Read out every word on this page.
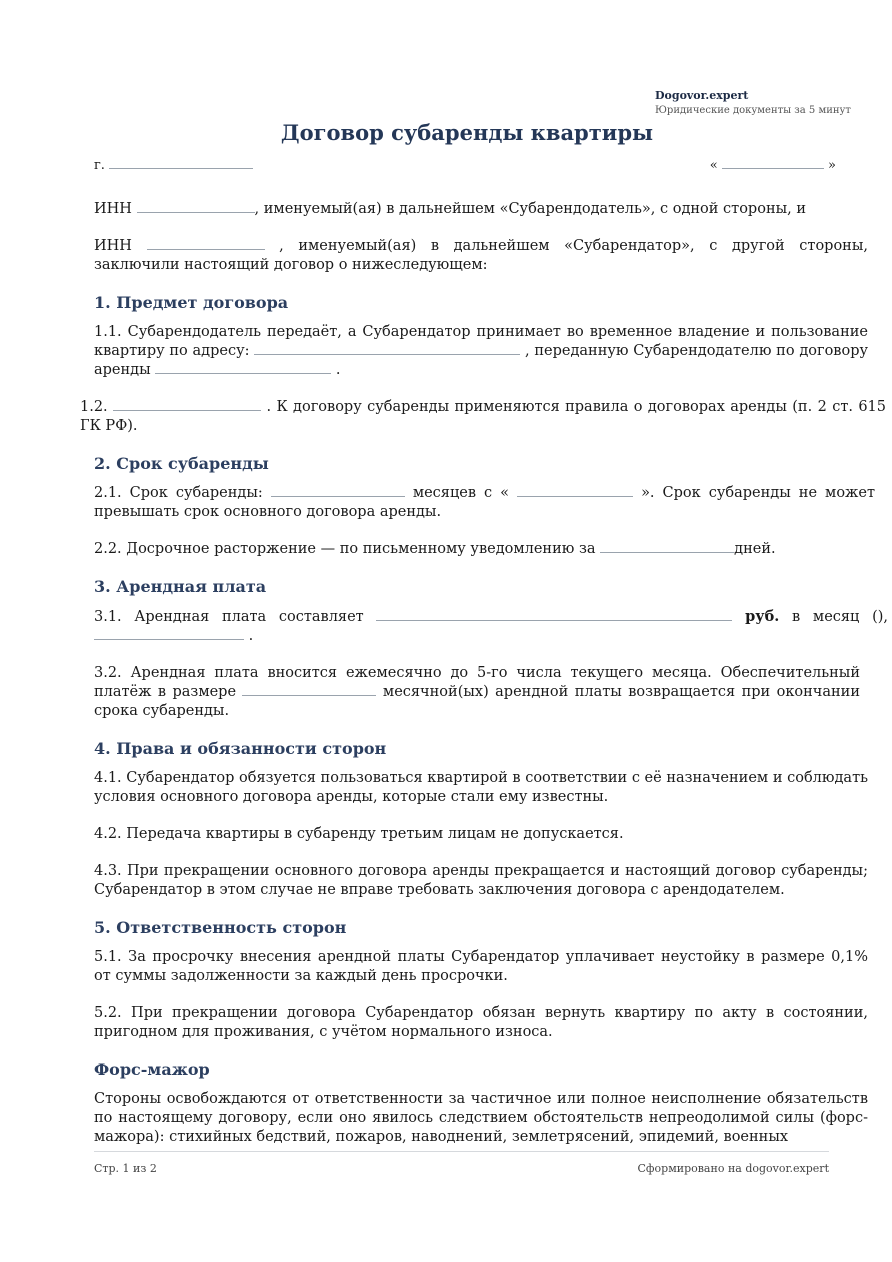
Dogovor.expert
Юридические документы за 5 минут
Договор субаренды квартиры
г.	«	»

ИНН	, именуемый(ая) в дальнейшем «Субарендодатель», с одной стороны, и

ИНН	, именуемый(ая) в дальнейшем «Субарендатор», с другой стороны, заключили настоящий договор о нижеследующем:

1. Предмет договора

1.1. Субарендодатель передаёт, а Субарендатор принимает во временное владение и пользование квартиру по адресу:	, переданную Субарендодателю по договору аренды	.

1.2.	. К договору субаренды применяются правила о договорах аренды (п. 2 ст. 615 ГК РФ).

2. Срок субаренды

2.1. Срок субаренды:	месяцев с «	». Срок субаренды не может превышать срок основного договора аренды.

2.2. Досрочное расторжение — по письменному уведомлению за	дней.

3. Арендная плата

3.1. Арендная плата составляет	руб. в месяц (),  .

3.2. Арендная плата вносится ежемесячно до 5-го числа текущего месяца. Обеспечительный платёж в размере	месячной(ых) арендной платы возвращается при окончании срока субаренды.

4. Права и обязанности сторон

4.1. Субарендатор обязуется пользоваться квартирой в соответствии с её назначением и соблюдать условия основного договора аренды, которые стали ему известны.

4.2. Передача квартиры в субаренду третьим лицам не допускается.

4.3. При прекращении основного договора аренды прекращается и настоящий договор субаренды; Субарендатор в этом случае не вправе требовать заключения договора с арендодателем.

5. Ответственность сторон

5.1. За просрочку внесения арендной платы Субарендатор уплачивает неустойку в размере 0,1% от суммы задолженности за каждый день просрочки.

5.2. При прекращении договора Субарендатор обязан вернуть квартиру по акту в состоянии, пригодном для проживания, с учётом нормального износа.

Форс-мажор

Стороны освобождаются от ответственности за частичное или полное неисполнение обязательств по настоящему договору, если оно явилось следствием обстоятельств непреодолимой силы (форс-мажора): стихийных бедствий, пожаров, наводнений, землетрясений, эпидемий, военных

Стр. 1 из 2	Сформировано на dogovor.expert
